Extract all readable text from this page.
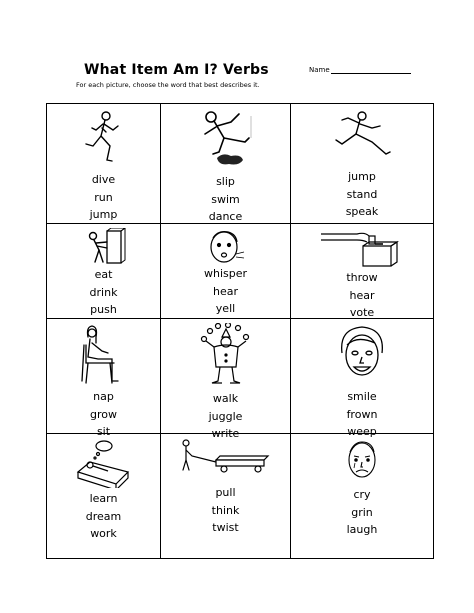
What Item Am I? Verbs	Name
For each picture, choose the word that best describes it.
dive
run
jump
slip
swim
dance
jump
stand
speak
eat
drink
push
whisper
hear
yell
throw
hear
vote
nap
grow
sit
walk
juggle
write
smile
frown
weep
learn
dream
work
pull
think
twist
cry
grin
laugh
